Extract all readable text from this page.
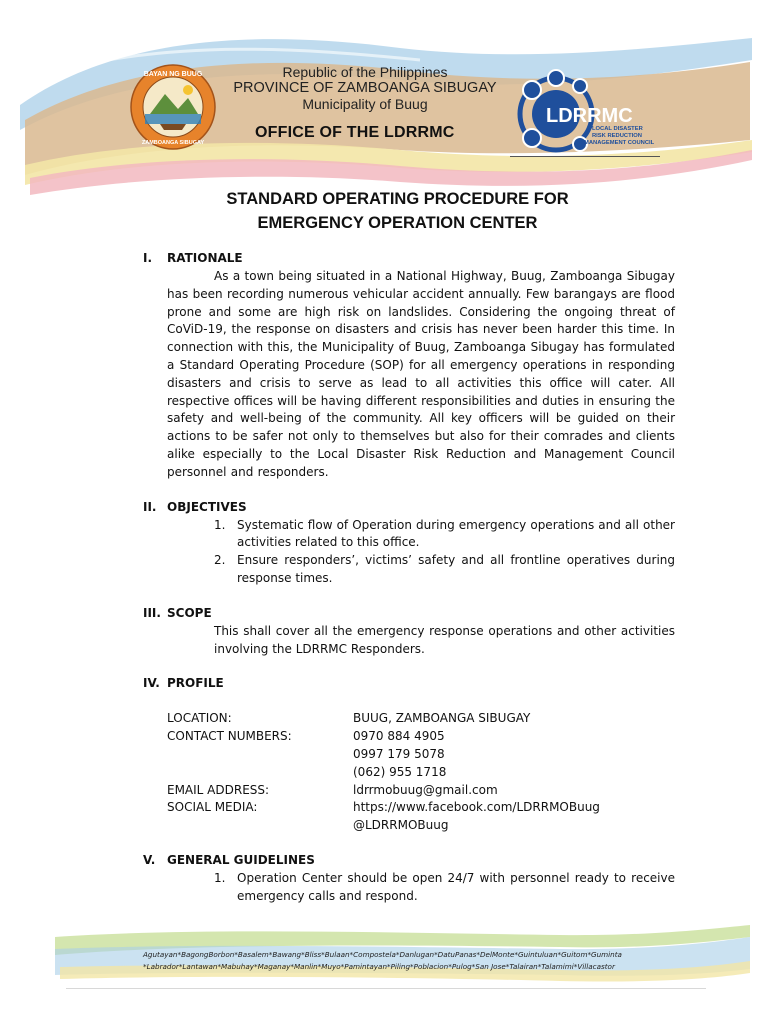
BAYAN NG BUUG
ZAMBOANGA SIBUGAY
Republic of the Philippines
PROVINCE OF ZAMBOANGA SIBUGAY
Municipality of Buug
OFFICE OF THE LDRRMC
LDRRMC
LOCAL DISASTER
RISK REDUCTION
MANAGEMENT COUNCIL
STANDARD OPERATING PROCEDURE FOR
EMERGENCY OPERATION CENTER
I. RATIONALE
As a town being situated in a National Highway, Buug, Zamboanga Sibugay has been recording numerous vehicular accident annually. Few barangays are flood prone and some are high risk on landslides. Considering the ongoing threat of CoViD-19, the response on disasters and crisis has never been harder this time. In connection with this, the Municipality of Buug, Zamboanga Sibugay has formulated a Standard Operating Procedure (SOP) for all emergency operations in responding disasters and crisis to serve as lead to all activities this office will cater. All respective offices will be having different responsibilities and duties in ensuring the safety and well-being of the community. All key officers will be guided on their actions to be safer not only to themselves but also for their comrades and clients alike especially to the Local Disaster Risk Reduction and Management Council personnel and responders.
II. OBJECTIVES
1. Systematic flow of Operation during emergency operations and all other activities related to this office.
2. Ensure responders’, victims’ safety and all frontline operatives during response times.
III. SCOPE
This shall cover all the emergency response operations and other activities involving the LDRRMC Responders.
IV. PROFILE
LOCATION:	BUUG, ZAMBOANGA SIBUGAY
CONTACT NUMBERS:	0970 884 4905
0997 179 5078
(062) 955 1718
EMAIL ADDRESS:	ldrrmobuug@gmail.com
SOCIAL MEDIA:	https://www.facebook.com/LDRRMOBuug
@LDRRMOBuug
V. GENERAL GUIDELINES
1. Operation Center should be open 24/7 with personnel ready to receive emergency calls and respond.
Agutayan*BagongBorbon*Basalem*Bawang*Bliss*Bulaan*Compostela*Danlugan*DatuPanas*DelMonte*Guintuluan*Guitom*Guminta
*Labrador*Lantawan*Mabuhay*Maganay*Manlin*Muyo*Pamintayan*Piling*Poblacion*Pulog*San Jose*Talairan*Talamimi*Villacastor
